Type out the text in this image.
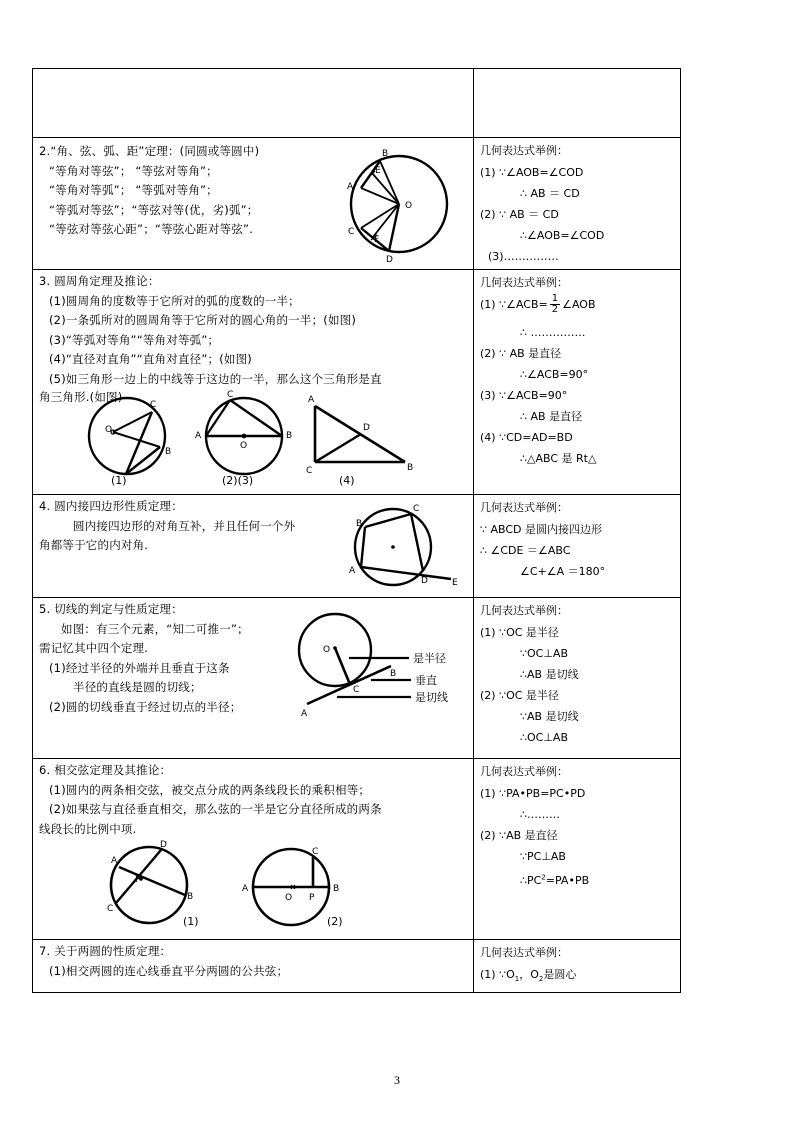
2.“角、弦、弧、距”定理：(同圆或等圆中)
“等角对等弦”； “等弦对等角”；
“等角对等弧”； “等弧对等角”；
“等弧对等弦”；“等弦对等(优，劣)弧”；
“等弦对等弦心距”；“等弦心距对等弦”.
B
A
E
O
C
F
D

几何表达式举例：
(1) ∵∠AOB=∠COD
∴ AB ＝ CD
(2) ∵ AB ＝ CD
∴∠AOB=∠COD
(3)……………

3. 圆周角定理及推论：
(1)圆周角的度数等于它所对的弧的度数的一半；
(2)一条弧所对的圆周角等于它所对的圆心角的一半；(如图)
(3)“等弧对等角”“等角对等弧”；
(4)“直径对直角”“直角对直径”；(如图)
(5)如三角形一边上的中线等于这边的一半，那么这个三角形是直
角三角形.(如图)
C
O
B
(1)
C
A	B
O
(2)(3)
A
C	B
D
(4)

几何表达式举例：
(1) ∵∠ACB= $\frac{1}{2}$ ∠AOB
∴ ……………
(2) ∵ AB 是直径
∴∠ACB=90°
(3) ∵∠ACB=90°
∴ AB 是直径
(4) ∵CD=AD=BD
∴△ABC 是 Rt△

4. 圆内接四边形性质定理：
圆内接四边形的对角互补，并且任何一个外
角都等于它的内对角.
C
B
A
D	E

几何表达式举例：
∵ ABCD 是圆内接四边形
∴ ∠CDE ＝∠ABC
∠C+∠A ＝180°

5. 切线的判定与性质定理：
如图：有三个元素，“知二可推一”；
需记忆其中四个定理.
(1)经过半径的外端并且垂直于这条
半径的直线是圆的切线；
(2)圆的切线垂直于经过切点的半径；
O
B
C
A
是半径
垂直
是切线

几何表达式举例：
(1) ∵OC 是半径
∵OC⊥AB
∴AB 是切线
(2) ∵OC 是半径
∵AB 是切线
∴OC⊥AB

6. 相交弦定理及其推论：
(1)圆内的两条相交弦，被交点分成的两条线段长的乘积相等；
(2)如果弦与直径垂直相交，那么弦的一半是它分直径所成的两条
线段长的比例中项.
D
A
P
C
B
(1)
C
A	B
O P
(2)

几何表达式举例：
(1) ∵PA•PB=PC•PD
∴………
(2) ∵AB 是直径
∵PC⊥AB
$\therefore PC^2=PA•PB$

7. 关于两圆的性质定理：
(1)相交两圆的连心线垂直平分两圆的公共弦；

几何表达式举例：
(1) $\because O_1$，$O_2$是圆心
3
